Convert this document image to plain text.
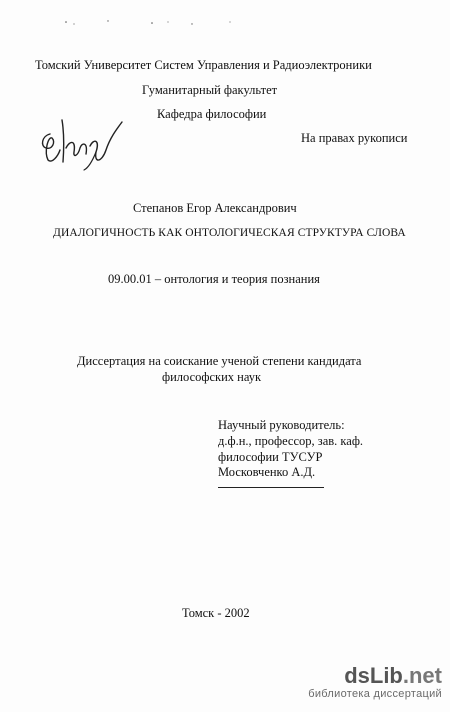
Томский Университет Систем Управления и Радиоэлектроники
Гуманитарный факультет
Кафедра философии
На правах рукописи
Степанов Егор Александрович
ДИАЛОГИЧНОСТЬ КАК ОНТОЛОГИЧЕСКАЯ СТРУКТУРА СЛОВА
09.00.01 – онтология и теория познания
Диссертация на соискание ученой степени кандидата
философских наук
Научный руководитель:
д.ф.н., профессор, зав. каф.
философии ТУСУР
Московченко А.Д.
Томск - 2002
dsLib.net
библиотека диссертаций
